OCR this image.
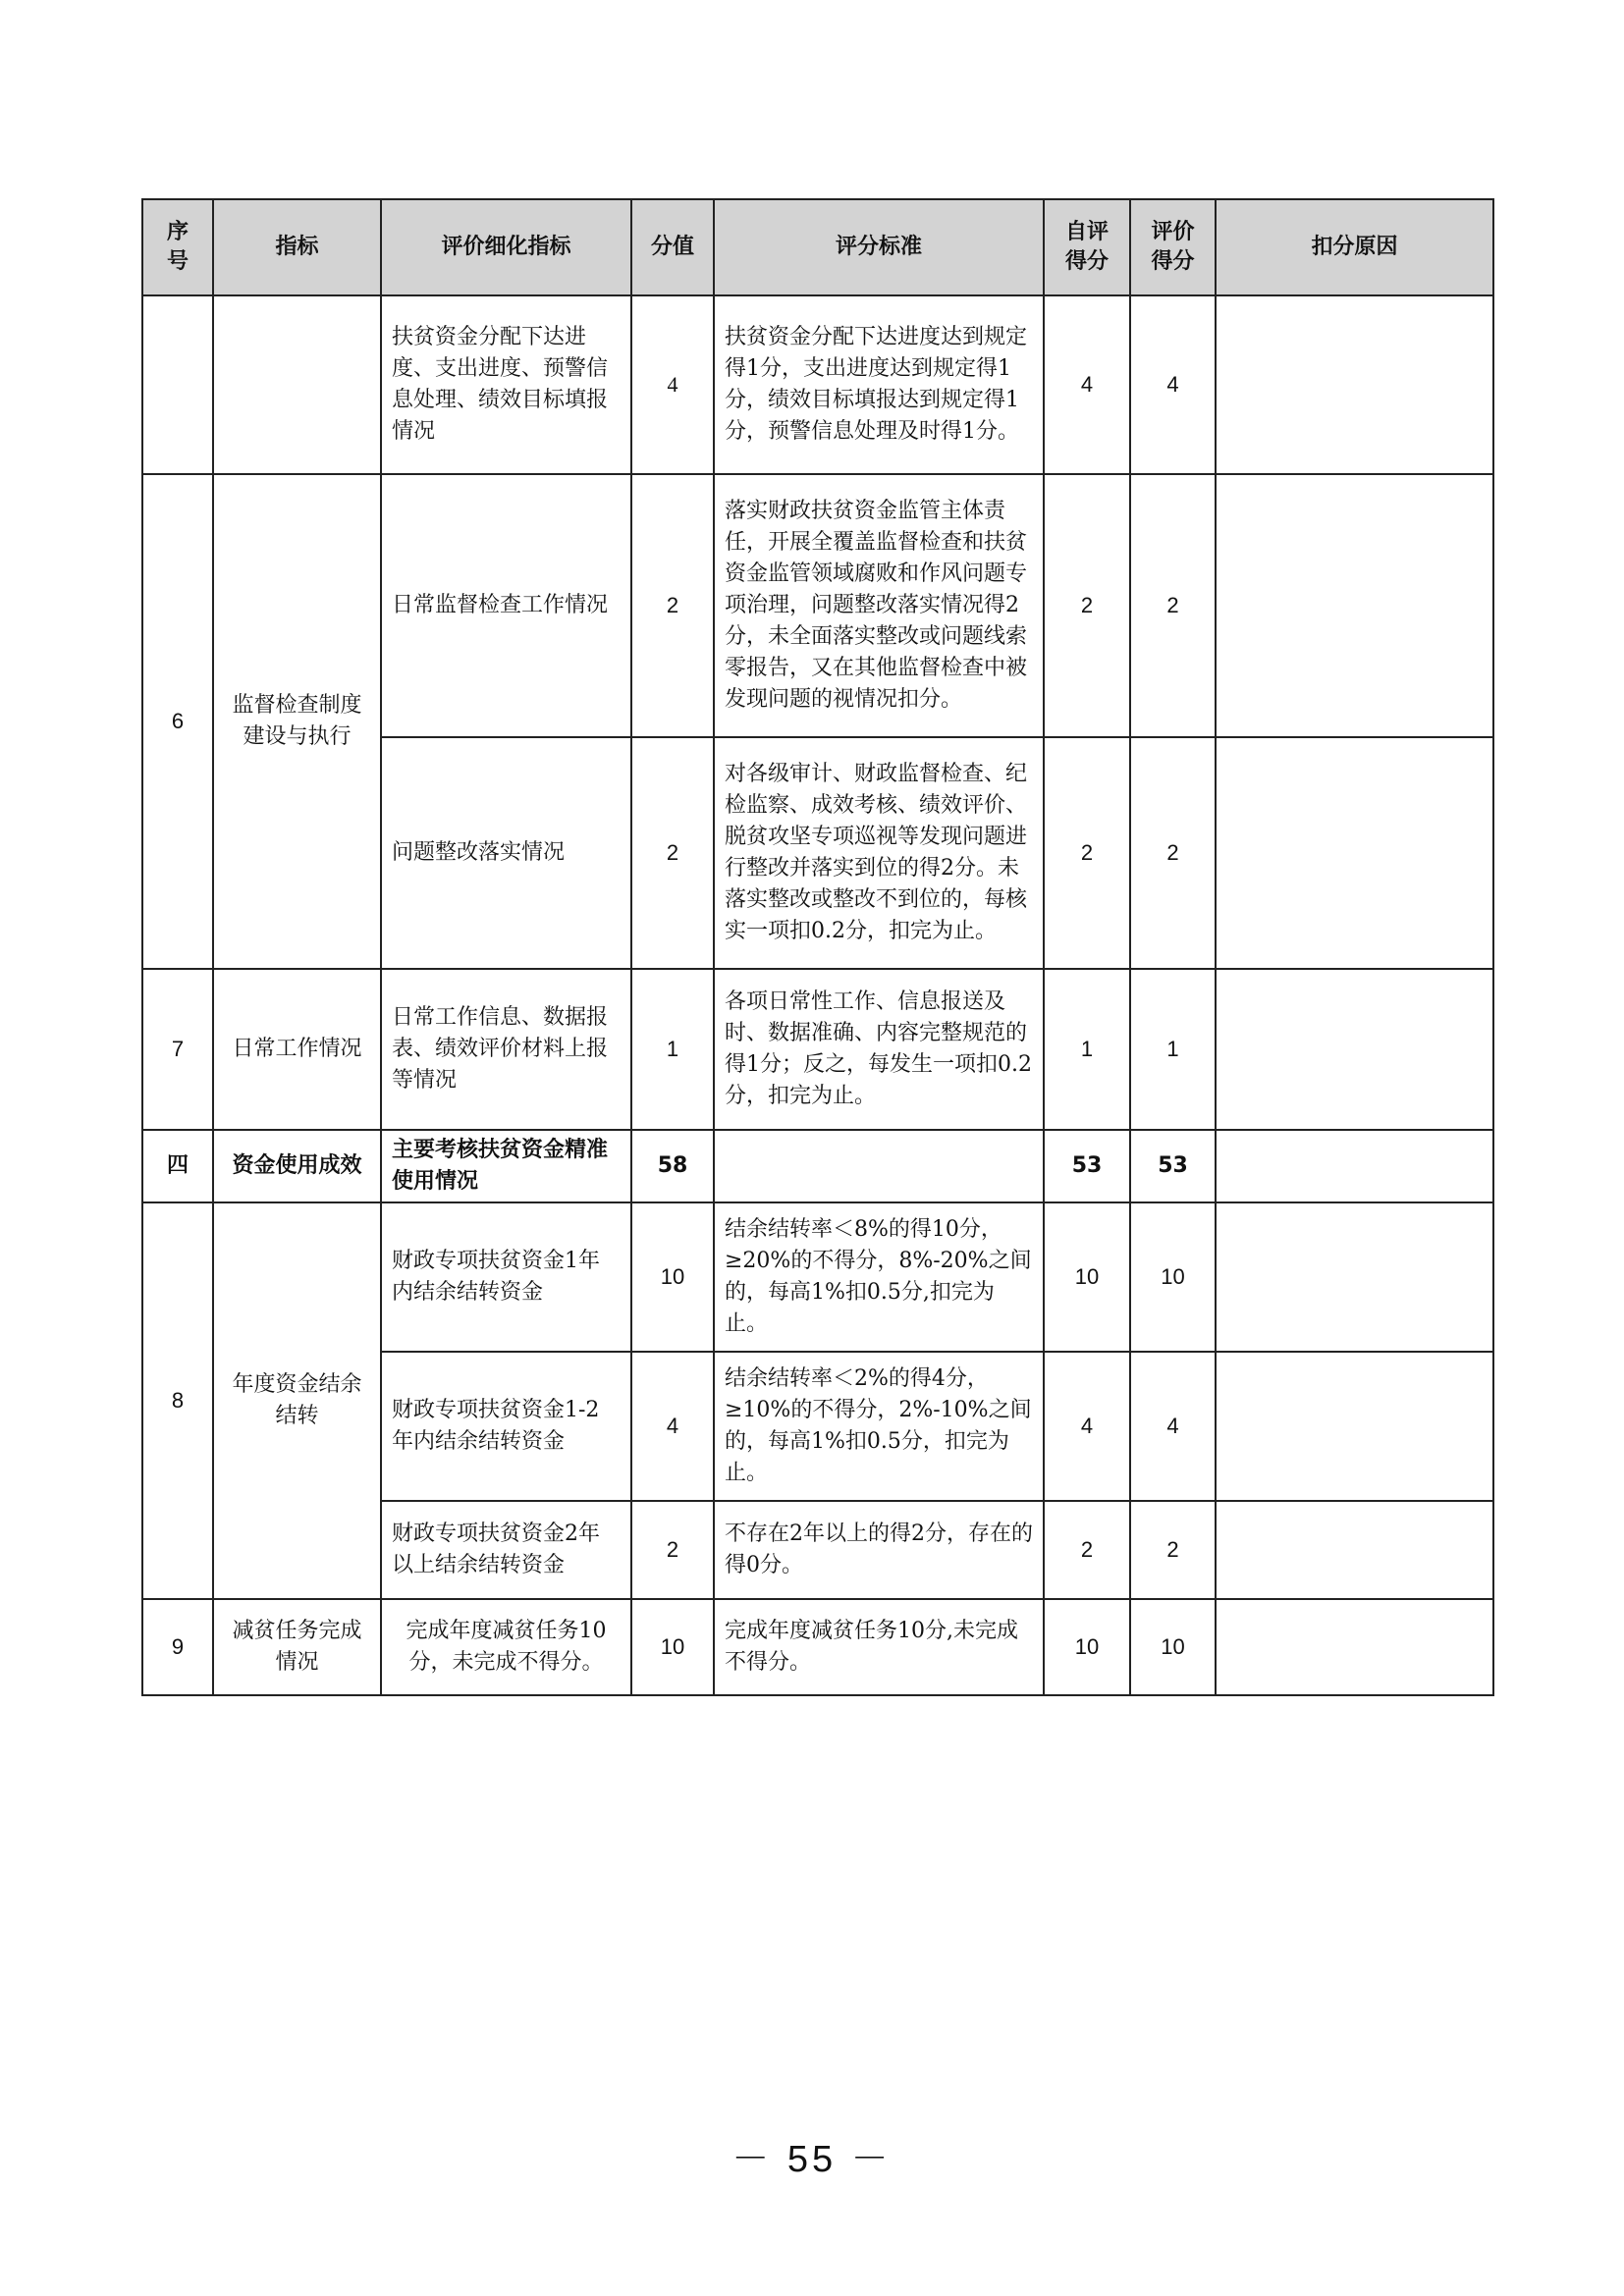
序号	指标	评价细化指标	分值	评分标准	自评得分	评价得分	扣分原因
		扶贫资金分配下达进度、支出进度、预警信息处理、绩效目标填报情况	4	扶贫资金分配下达进度达到规定得1分，支出进度达到规定得1分，绩效目标填报达到规定得1分，预警信息处理及时得1分。	4	4	
6	监督检查制度建设与执行	日常监督检查工作情况	2	落实财政扶贫资金监管主体责任，开展全覆盖监督检查和扶贫资金监管领域腐败和作风问题专项治理，问题整改落实情况得2分，未全面落实整改或问题线索零报告，又在其他监督检查中被发现问题的视情况扣分。	2	2	
		问题整改落实情况	2	对各级审计、财政监督检查、纪检监察、成效考核、绩效评价、脱贫攻坚专项巡视等发现问题进行整改并落实到位的得2分。未落实整改或整改不到位的，每核实一项扣0.2分，扣完为止。	2	2	
7	日常工作情况	日常工作信息、数据报表、绩效评价材料上报等情况	1	各项日常性工作、信息报送及时、数据准确、内容完整规范的得1分；反之，每发生一项扣0.2分，扣完为止。	1	1	
四	资金使用成效	主要考核扶贫资金精准使用情况	58		53	53	
8	年度资金结余结转	财政专项扶贫资金1年内结余结转资金	10	结余结转率＜8%的得10分，≥20%的不得分，8%-20%之间的，每高1%扣0.5分,扣完为止。	10	10	
		财政专项扶贫资金1-2年内结余结转资金	4	结余结转率＜2%的得4分，≥10%的不得分，2%-10%之间的，每高1%扣0.5分，扣完为止。	4	4	
		财政专项扶贫资金2年以上结余结转资金	2	不存在2年以上的得2分，存在的得0分。	2	2	
9	减贫任务完成情况	完成年度减贫任务10分，未完成不得分。	10	完成年度减贫任务10分,未完成不得分。	10	10	
－ 55 －
